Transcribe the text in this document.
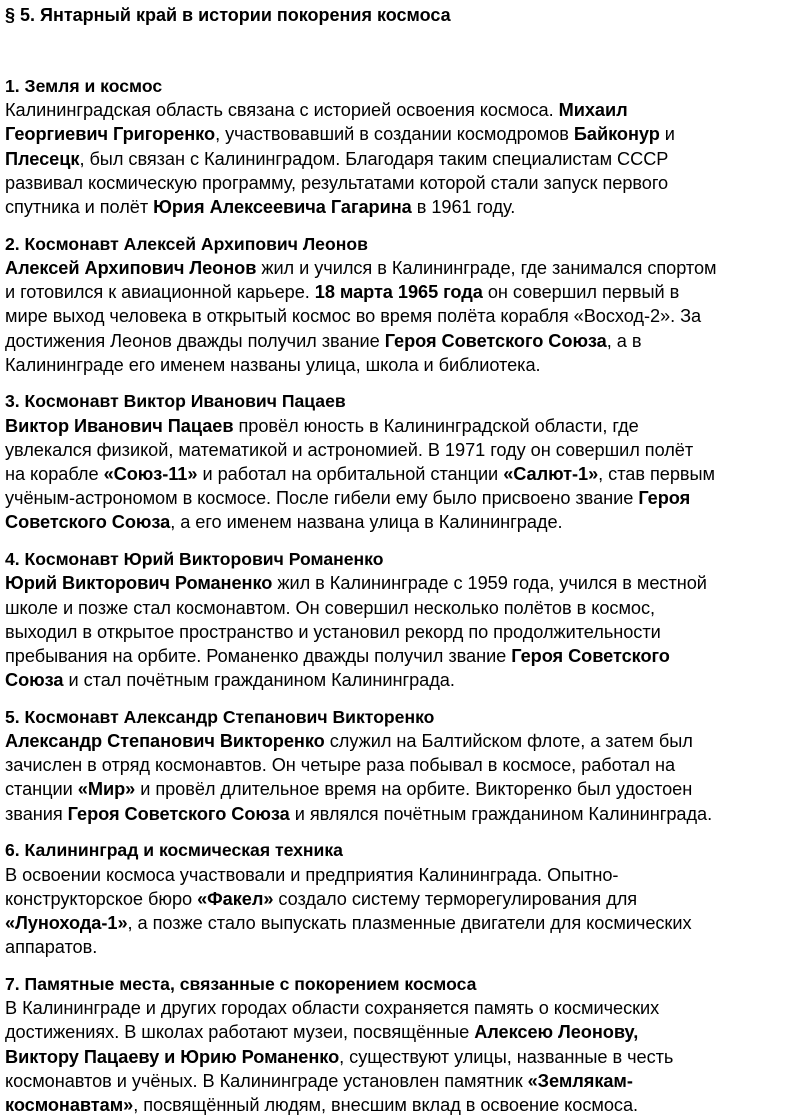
§ 5. Янтарный край в истории покорения космоса
1. Земля и космос

Калининградская область связана с историей освоения космоса. Михаил
Георгиевич Григоренко, участвовавший в создании космодромов Байконур и
Плесецк, был связан с Калининградом. Благодаря таким специалистам СССР
развивал космическую программу, результатами которой стали запуск первого
спутника и полёт Юрия Алексеевича Гагарина в 1961 году.

2. Космонавт Алексей Архипович Леонов

Алексей Архипович Леонов жил и учился в Калининграде, где занимался спортом
и готовился к авиационной карьере. 18 марта 1965 года он совершил первый в
мире выход человека в открытый космос во время полёта корабля «Восход-2». За
достижения Леонов дважды получил звание Героя Советского Союза, а в
Калининграде его именем названы улица, школа и библиотека.

3. Космонавт Виктор Иванович Пацаев

Виктор Иванович Пацаев провёл юность в Калининградской области, где
увлекался физикой, математикой и астрономией. В 1971 году он совершил полёт
на корабле «Союз-11» и работал на орбитальной станции «Салют-1», став первым
учёным-астрономом в космосе. После гибели ему было присвоено звание Героя
Советского Союза, а его именем названа улица в Калининграде.

4. Космонавт Юрий Викторович Романенко

Юрий Викторович Романенко жил в Калининграде с 1959 года, учился в местной
школе и позже стал космонавтом. Он совершил несколько полётов в космос,
выходил в открытое пространство и установил рекорд по продолжительности
пребывания на орбите. Романенко дважды получил звание Героя Советского
Союза и стал почётным гражданином Калининграда.

5. Космонавт Александр Степанович Викторенко

Александр Степанович Викторенко служил на Балтийском флоте, а затем был
зачислен в отряд космонавтов. Он четыре раза побывал в космосе, работал на
станции «Мир» и провёл длительное время на орбите. Викторенко был удостоен
звания Героя Советского Союза и являлся почётным гражданином Калининграда.

6. Калининград и космическая техника

В освоении космоса участвовали и предприятия Калининграда. Опытно-
конструкторское бюро «Факел» создало систему терморегулирования для
«Лунохода-1», а позже стало выпускать плазменные двигатели для космических
аппаратов.

7. Памятные места, связанные с покорением космоса

В Калининграде и других городах области сохраняется память о космических
достижениях. В школах работают музеи, посвящённые Алексею Леонову,
Виктору Пацаеву и Юрию Романенко, существуют улицы, названные в честь
космонавтов и учёных. В Калининграде установлен памятник «Землякам-
космонавтам», посвящённый людям, внесшим вклад в освоение космоса.
